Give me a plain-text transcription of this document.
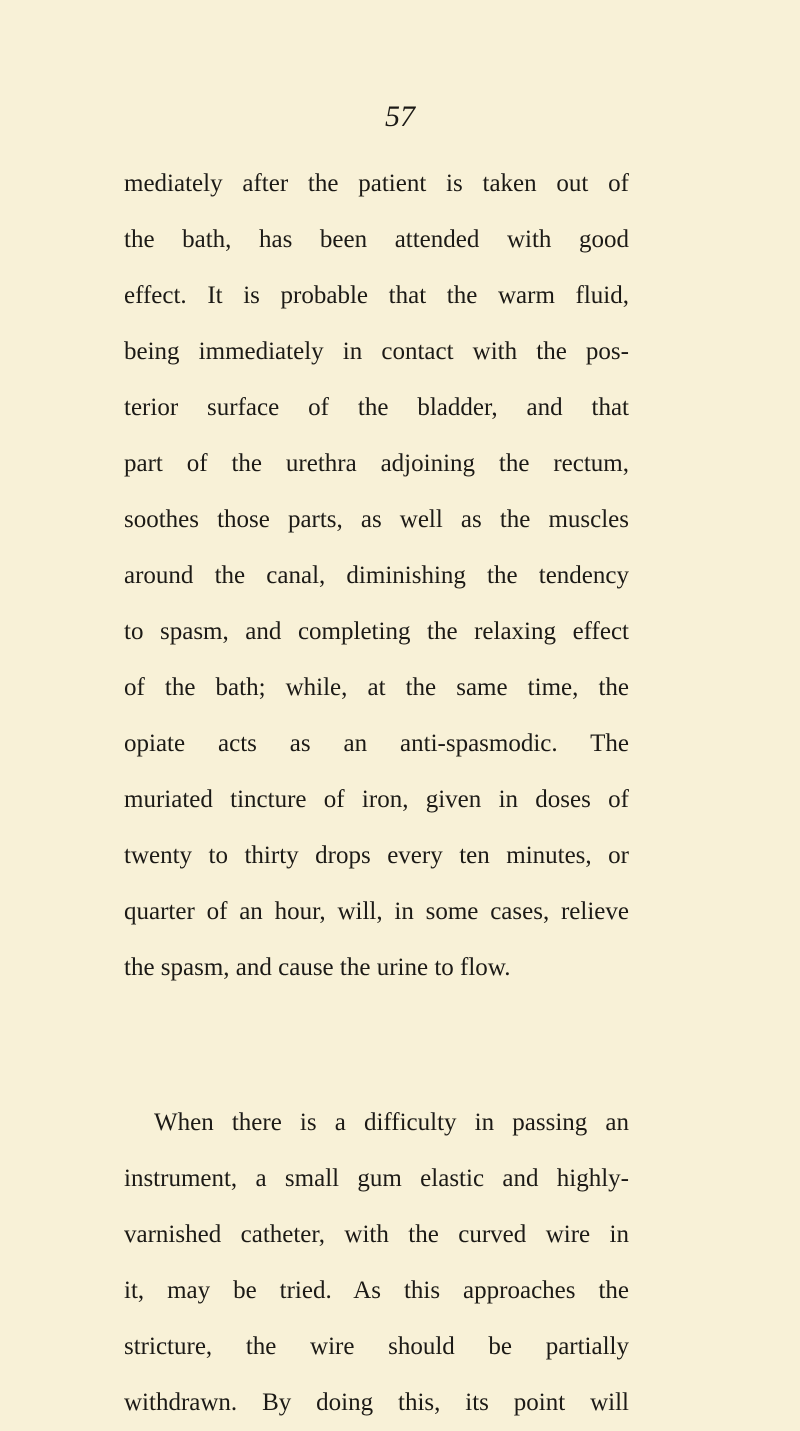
57
mediately after the patient is taken out of
the bath, has been attended with good
effect. It is probable that the warm fluid,
being immediately in contact with the pos-
terior surface of the bladder, and that
part of the urethra adjoining the rectum,
soothes those parts, as well as the muscles
around the canal, diminishing the tendency
to spasm, and completing the relaxing effect
of the bath; while, at the same time, the
opiate acts as an anti-spasmodic. The
muriated tincture of iron, given in doses of
twenty to thirty drops every ten minutes, or
quarter of an hour, will, in some cases, relieve
the spasm, and cause the urine to flow.
When there is a difficulty in passing an
instrument, a small gum elastic and highly-
varnished catheter, with the curved wire in
it, may be tried. As this approaches the
stricture, the wire should be partially
withdrawn. By doing this, its point will
